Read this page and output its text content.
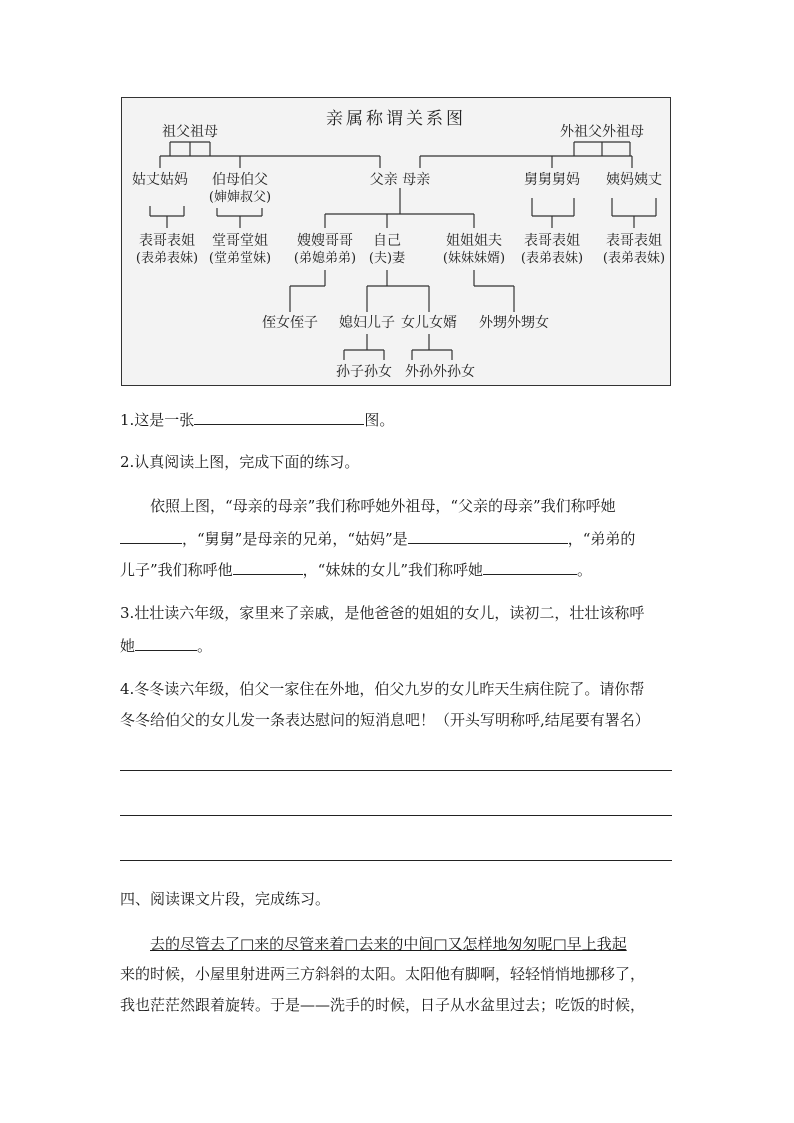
亲属称谓关系图
祖父祖母	外祖父外祖母
姑丈姑妈 伯母伯父
(婶婶叔父)
父亲 母亲	舅舅舅妈 姨妈姨丈
表哥表姐
(表弟表妹)
堂哥堂姐
(堂弟堂妹)
嫂嫂哥哥
(弟媳弟弟)
自己
(夫)妻
姐姐姐夫
(妹妹妹婿)
表哥表姐
(表弟表妹)
表哥表姐
(表弟表妹)
侄女侄子 媳妇儿子 女儿女婿 外甥外甥女
孙子孙女 外孙外孙女
1.这是一张	图。
2.认真阅读上图，完成下面的练习。
依照上图，“母亲的母亲”我们称呼她外祖母，“父亲的母亲”我们称呼她
，“舅舅”是母亲的兄弟，“姑妈”是	，“弟弟的
儿子”我们称呼他	，“妹妹的女儿”我们称呼她	。
3.壮壮读六年级，家里来了亲戚，是他爸爸的姐姐的女儿，读初二，壮壮该称呼
她	。
4.冬冬读六年级，伯父一家住在外地，伯父九岁的女儿昨天生病住院了。请你帮
冬冬给伯父的女儿发一条表达慰问的短消息吧！（开头写明称呼,结尾要有署名）
四、阅读课文片段，完成练习。
去的尽管去了□来的尽管来着□去来的中间□又怎样地匆匆呢□早上我起
来的时候，小屋里射进两三方斜斜的太阳。太阳他有脚啊，轻轻悄悄地挪移了，
我也茫茫然跟着旋转。于是——洗手的时候，日子从水盆里过去；吃饭的时候，
